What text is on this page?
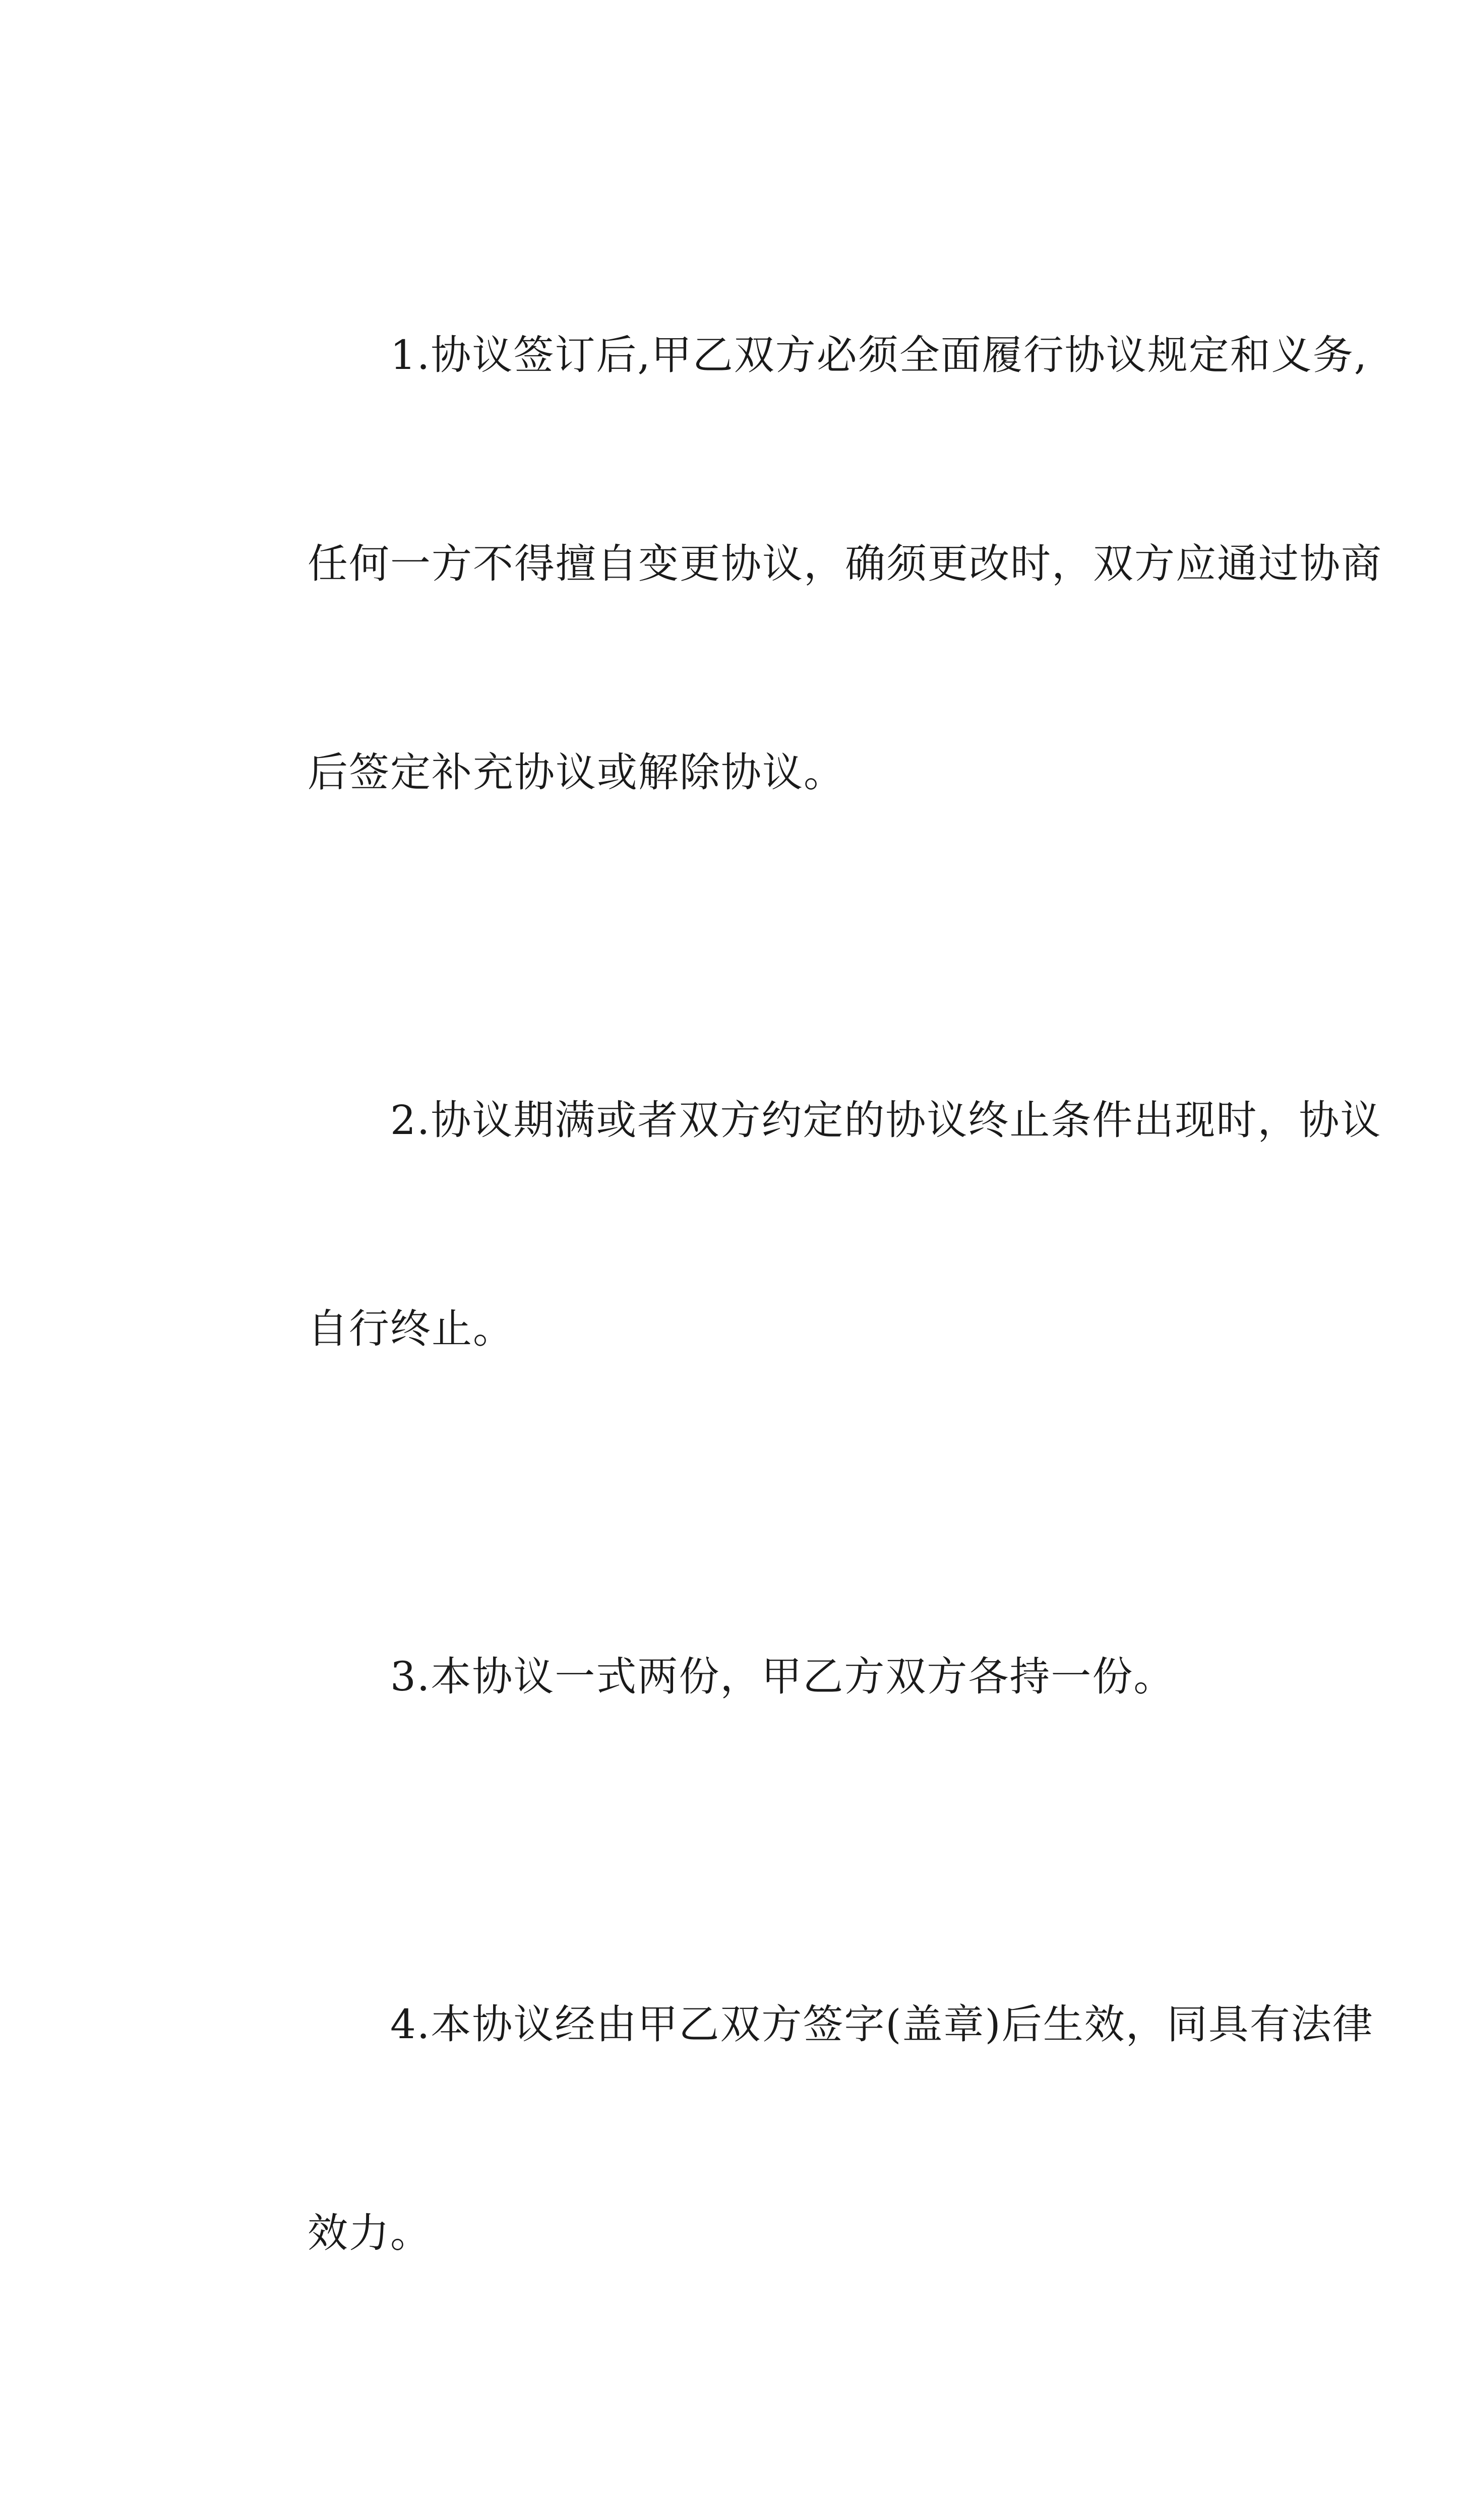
1.协议签订后,甲乙双方必须全面履行协议规定和义务,

任何一方不得擅自变更协议，确须更改时，双方应通过协商

后签定补充协议或解除协议。

2.协议期满或者双方约定的协议终止条件出现时，协议

自行终止。

3.本协议一式两份，甲乙方双方各持一份。

4.本协议经由甲乙双方签字(盖章)后生效，同具有法律

效力。
